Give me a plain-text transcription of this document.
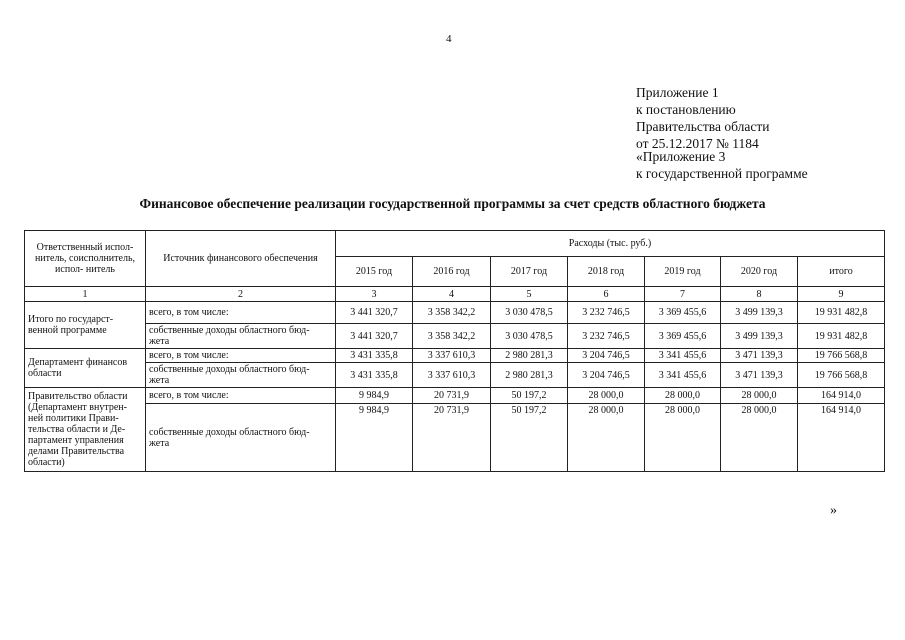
4
Приложение 1
к постановлению
Правительства области
от 25.12.2017 № 1184
«Приложение 3
к государственной программе
Финансовое обеспечение реализации государственной программы за счет средств областного бюджета
Ответственный испол- нитель, соисполнитель, испол- нитель	Источник финансового обеспечения	Расходы (тыс. руб.)						
		2015 год	2016 год	2017 год	2018 год	2019 год	2020 год	итого
1	2	3	4	5	6	7	8	9
Итого по государст- венной программе	всего, в том числе:	3 441 320,7	3 358 342,2	3 030 478,5	3 232 746,5	3 369 455,6	3 499 139,3	19 931 482,8
	собственные доходы областного бюд- жета	3 441 320,7	3 358 342,2	3 030 478,5	3 232 746,5	3 369 455,6	3 499 139,3	19 931 482,8
Департамент финансов области	всего, в том числе:	3 431 335,8	3 337 610,3	2 980 281,3	3 204 746,5	3 341 455,6	3 471 139,3	19 766 568,8
	собственные доходы областного бюд- жета	3 431 335,8	3 337 610,3	2 980 281,3	3 204 746,5	3 341 455,6	3 471 139,3	19 766 568,8
Правительство области (Департамент внутрен- ней политики Прави- тельства области и Де- партамент управления делами Правительства области)	всего, в том числе:	9 984,9	20 731,9	50 197,2	28 000,0	28 000,0	28 000,0	164 914,0
	собственные доходы областного бюд- жета	9 984,9	20 731,9	50 197,2	28 000,0	28 000,0	28 000,0	164 914,0
»
